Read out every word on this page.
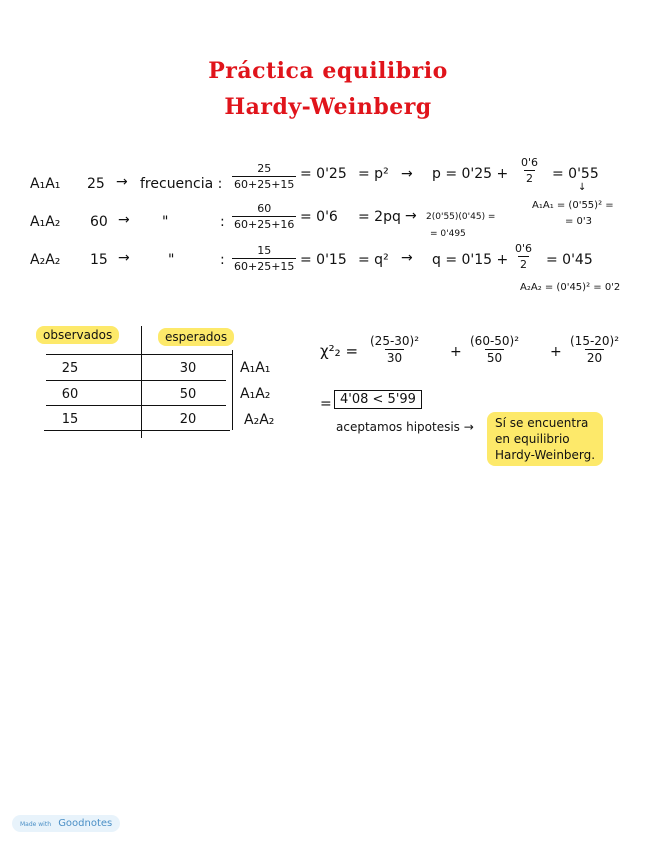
Práctica equilibrio
Hardy-Weinberg
A₁A₁ 25 → frecuencia : $\frac{25}{60+25+15} = 0'25 = p^2 \to p = 0'25 + \frac{0'6}{2} = 0'55$
↓
A₁A₁ = (0'55)² =
= 0'3
A₁A₂ 60 → "	: $\frac{60}{60+25+16} = 0'6 = 2pq \to 2(0'55)(0'45)$ =
= 0'495
A₂A₂ 15 →	"	: $\frac{15}{60+25+15} = 0'15 = q^2 \to q = 0'15 + \frac{0'6}{2} = 0'45$
A₂A₂ = (0'45)² = 0'2
observados	esperados
25	30	A₁A₁
60	50	A₁A₂
15	20	A₂A₂
$\chi^2_2 = \frac{\text{(25-30)²}}{30} + \frac{\text{(60-50)²}}{50} + \frac{\text{(15-20)²}}{20}$
= 4'08 < 5'99
aceptamos hipotesis → Sí se encuentra
en equilibrio
Hardy-Weinberg.
Made with Goodnotes
